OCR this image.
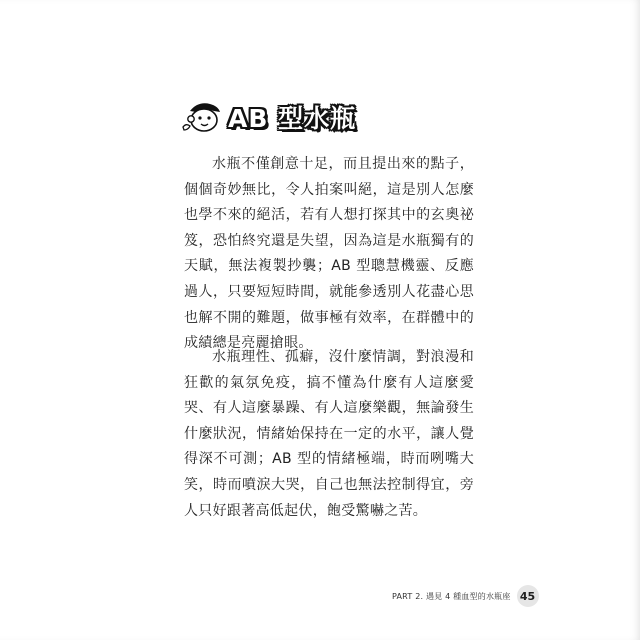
AB 型水瓶

水瓶不僅創意十足，而且提出來的點子，個個奇妙無比，令人拍案叫絕，這是別人怎麼也學不來的絕活，若有人想打探其中的玄奧祕笈，恐怕終究還是失望，因為這是水瓶獨有的天賦，無法複製抄襲；AB 型聰慧機靈、反應過人，只要短短時間，就能參透別人花盡心思也解不開的難題，做事極有效率，在群體中的成績總是亮麗搶眼。

水瓶理性、孤癖，沒什麼情調，對浪漫和狂歡的氣氛免疫，搞不懂為什麼有人這麼愛哭、有人這麼暴躁、有人這麼樂觀，無論發生什麼狀況，情緒始保持在一定的水平，讓人覺得深不可測；AB 型的情緒極端，時而咧嘴大笑，時而噴淚大哭，自己也無法控制得宜，旁人只好跟著高低起伏，飽受驚嚇之苦。

PART 2. 遇見 4 種血型的水瓶座 45
